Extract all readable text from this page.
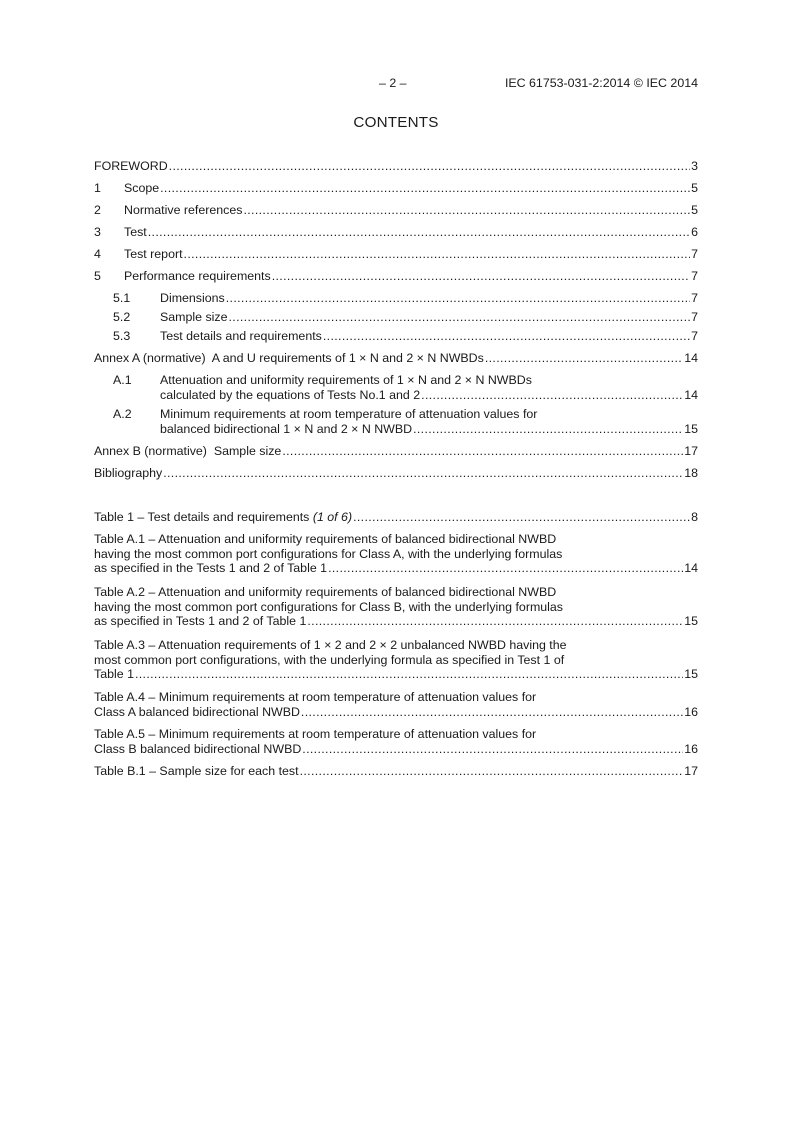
– 2 –	IEC 61753-031-2:2014 © IEC 2014
CONTENTS
FOREWORD .....	3
1	Scope .....	5
2	Normative references .....	5
3	Test .....	6
4	Test report .....	7
5	Performance requirements .....	7
5.1	Dimensions .....	7
5.2	Sample size .....	7
5.3	Test details and requirements .....	7
Annex A (normative)  A and U requirements of 1 × N and 2 × N NWBDs .....	14
A.1	Attenuation and uniformity requirements of 1 × N and 2 × N NWBDs
calculated by the equations of Tests No.1 and 2 .....	14
A.2	Minimum requirements at room temperature of attenuation values for
balanced bidirectional 1 × N and 2 × N NWBD .....	15
Annex B (normative)  Sample size .....	17
Bibliography .....	18
Table 1 – Test details and requirements (1 of 6) .....	8
Table A.1 – Attenuation and uniformity requirements of balanced bidirectional NWBD
having the most common port configurations for Class A, with the underlying formulas
as specified in the Tests 1 and 2 of Table 1 .....	14
Table A.2 – Attenuation and uniformity requirements of balanced bidirectional NWBD
having the most common port configurations for Class B, with the underlying formulas
as specified in Tests 1 and 2 of Table 1 .....	15
Table A.3 – Attenuation requirements of 1 × 2 and 2 × 2 unbalanced NWBD having the
most common port configurations, with the underlying formula as specified in Test 1 of
Table 1 .....	15
Table A.4 – Minimum requirements at room temperature of attenuation values for
Class A balanced bidirectional NWBD .....	16
Table A.5 – Minimum requirements at room temperature of attenuation values for
Class B balanced bidirectional NWBD .....	16
Table B.1 – Sample size for each test .....	17
